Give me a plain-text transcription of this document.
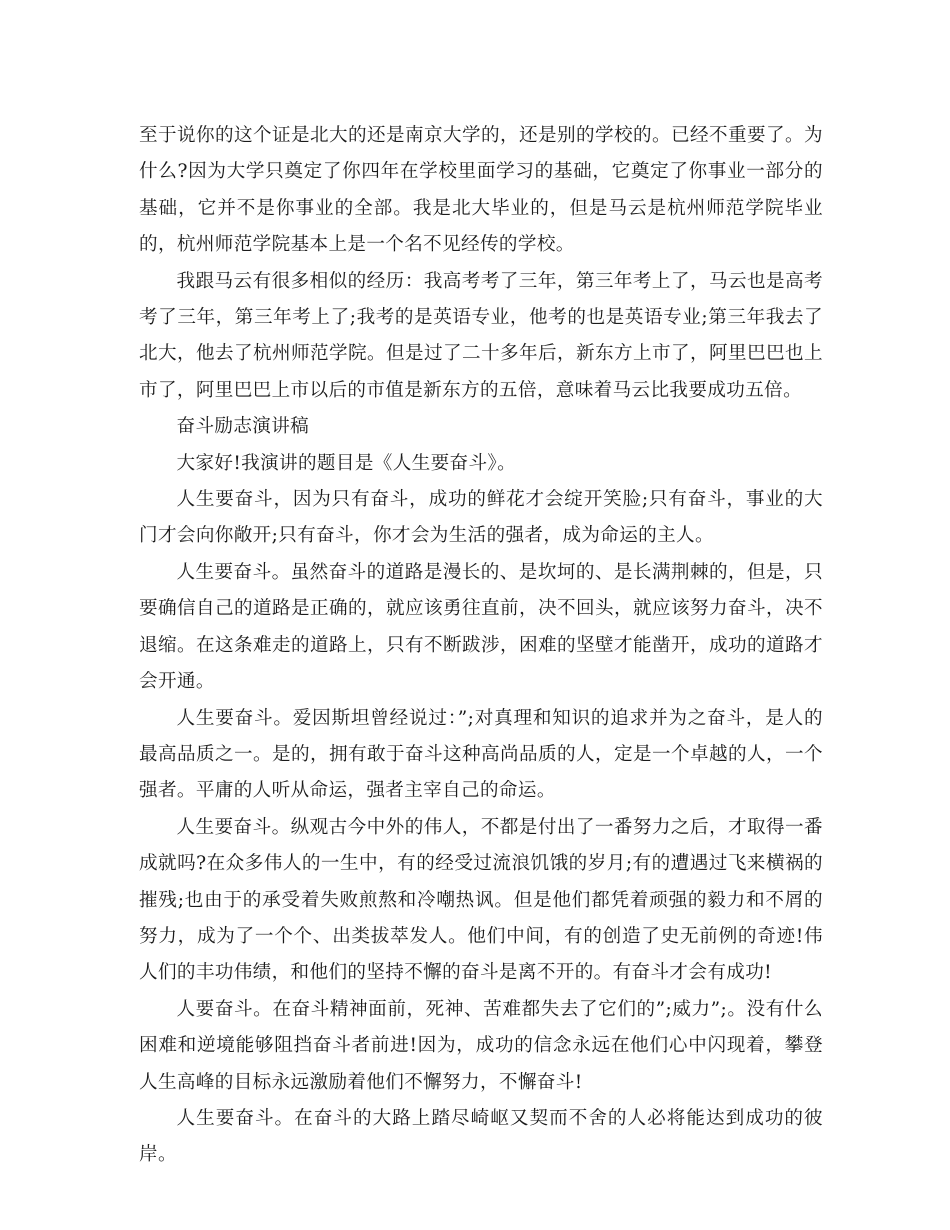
至于说你的这个证是北大的还是南京大学的，还是别的学校的。已经不重要了。为什么?因为大学只奠定了你四年在学校里面学习的基础，它奠定了你事业一部分的基础，它并不是你事业的全部。我是北大毕业的，但是马云是杭州师范学院毕业的，杭州师范学院基本上是一个名不见经传的学校。

我跟马云有很多相似的经历：我高考考了三年，第三年考上了，马云也是高考考了三年，第三年考上了;我考的是英语专业，他考的也是英语专业;第三年我去了北大，他去了杭州师范学院。但是过了二十多年后，新东方上市了，阿里巴巴也上市了，阿里巴巴上市以后的市值是新东方的五倍，意味着马云比我要成功五倍。

奋斗励志演讲稿

大家好!我演讲的题目是《人生要奋斗》。

人生要奋斗，因为只有奋斗，成功的鲜花才会绽开笑脸;只有奋斗，事业的大门才会向你敞开;只有奋斗，你才会为生活的强者，成为命运的主人。

人生要奋斗。虽然奋斗的道路是漫长的、是坎坷的、是长满荆棘的，但是，只要确信自己的道路是正确的，就应该勇往直前，决不回头，就应该努力奋斗，决不退缩。在这条难走的道路上，只有不断跋涉，困难的坚壁才能凿开，成功的道路才会开通。

人生要奋斗。爱因斯坦曾经说过：”;对真理和知识的追求并为之奋斗，是人的最高品质之一。是的，拥有敢于奋斗这种高尚品质的人，定是一个卓越的人，一个强者。平庸的人听从命运，强者主宰自己的命运。

人生要奋斗。纵观古今中外的伟人，不都是付出了一番努力之后，才取得一番成就吗?在众多伟人的一生中，有的经受过流浪饥饿的岁月;有的遭遇过飞来横祸的摧残;也由于的承受着失败煎熬和冷嘲热讽。但是他们都凭着顽强的毅力和不屑的努力，成为了一个个、出类拔萃发人。他们中间，有的创造了史无前例的奇迹!伟人们的丰功伟绩，和他们的坚持不懈的奋斗是离不开的。有奋斗才会有成功!

人要奋斗。在奋斗精神面前，死神、苦难都失去了它们的”;威力”;。没有什么困难和逆境能够阻挡奋斗者前进!因为，成功的信念永远在他们心中闪现着，攀登人生高峰的目标永远激励着他们不懈努力，不懈奋斗!

人生要奋斗。在奋斗的大路上踏尽崎岖又契而不舍的人必将能达到成功的彼岸。
